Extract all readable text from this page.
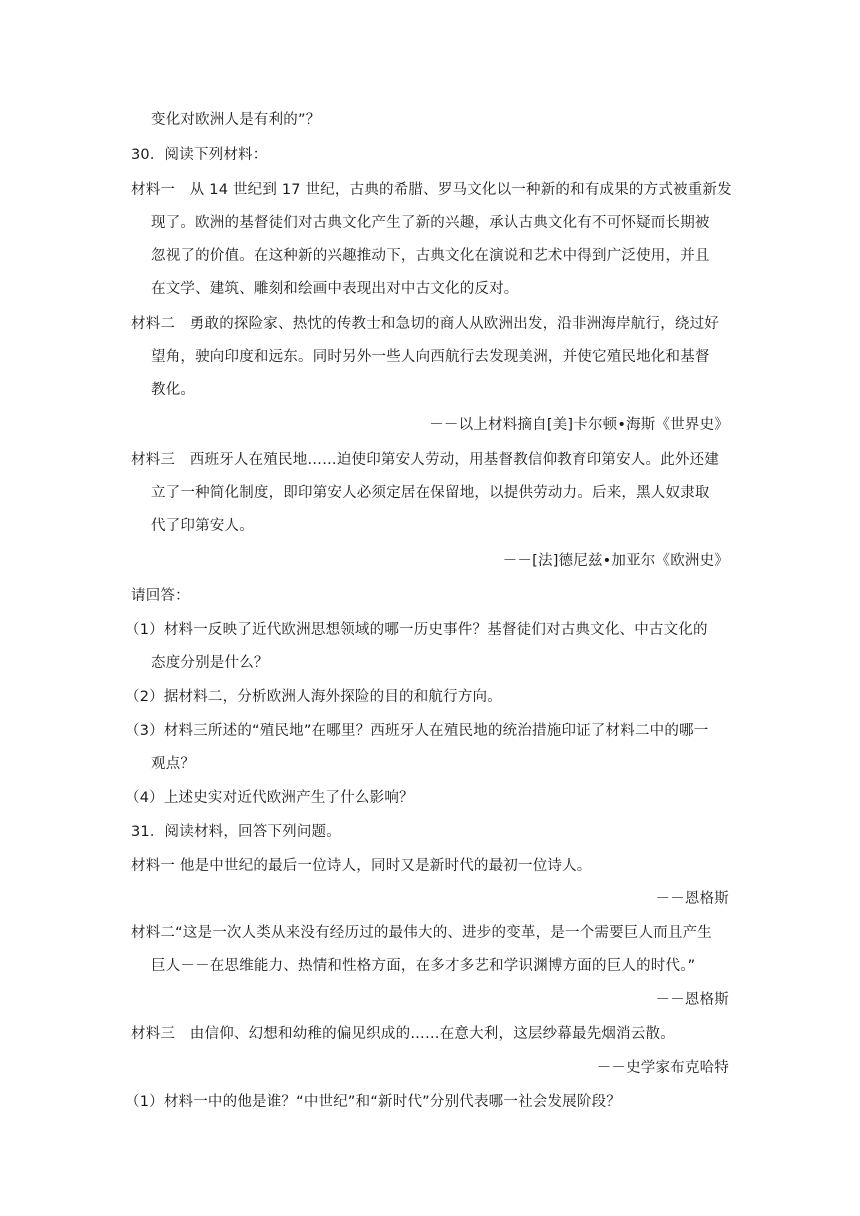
变化对欧洲人是有利的”？
30．阅读下列材料：
材料一　从 14 世纪到 17 世纪，古典的希腊、罗马文化以一种新的和有成果的方式被重新发
现了。欧洲的基督徒们对古典文化产生了新的兴趣，承认古典文化有不可怀疑而长期被
忽视了的价值。在这种新的兴趣推动下，古典文化在演说和艺术中得到广泛使用，并且
在文学、建筑、雕刻和绘画中表现出对中古文化的反对。
材料二　勇敢的探险家、热忱的传教士和急切的商人从欧洲出发，沿非洲海岸航行，绕过好
望角，驶向印度和远东。同时另外一些人向西航行去发现美洲，并使它殖民地化和基督
教化。
－－以上材料摘自[美]卡尔顿•海斯《世界史》
材料三　西班牙人在殖民地……迫使印第安人劳动，用基督教信仰教育印第安人。此外还建
立了一种简化制度，即印第安人必须定居在保留地，以提供劳动力。后来，黑人奴隶取
代了印第安人。
－－[法]德尼兹•加亚尔《欧洲史》
请回答：
（1）材料一反映了近代欧洲思想领域的哪一历史事件？基督徒们对古典文化、中古文化的
态度分别是什么？
（2）据材料二，分析欧洲人海外探险的目的和航行方向。
（3）材料三所述的“殖民地”在哪里？西班牙人在殖民地的统治措施印证了材料二中的哪一
观点？
（4）上述史实对近代欧洲产生了什么影响？
31．阅读材料，回答下列问题。
材料一 他是中世纪的最后一位诗人，同时又是新时代的最初一位诗人。
－－恩格斯
材料二“这是一次人类从来没有经历过的最伟大的、进步的变革，是一个需要巨人而且产生
巨人－－在思维能力、热情和性格方面，在多才多艺和学识渊博方面的巨人的时代。”
－－恩格斯
材料三　由信仰、幻想和幼稚的偏见织成的……在意大利，这层纱幕最先烟消云散。
－－史学家布克哈特
（1）材料一中的他是谁？“中世纪”和“新时代”分别代表哪一社会发展阶段？
